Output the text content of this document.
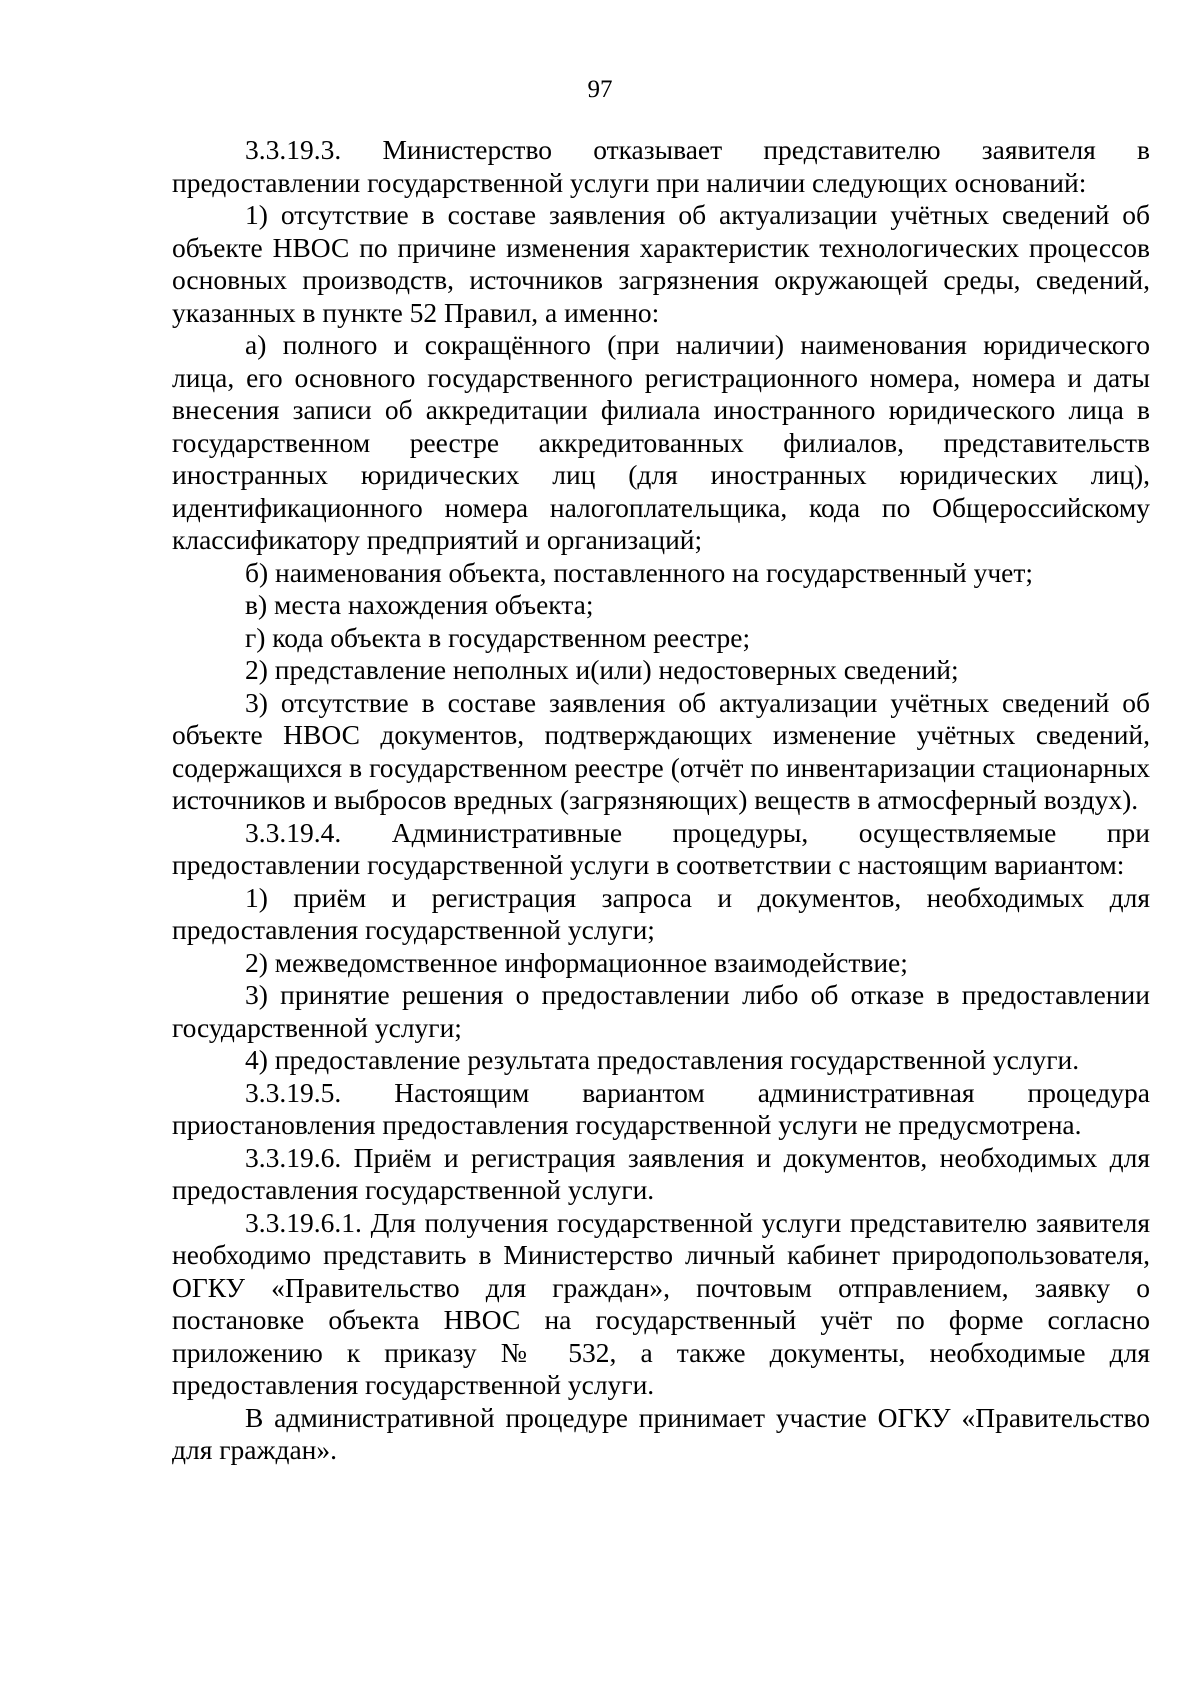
97

3.3.19.3. Министерство отказывает представителю заявителя в предоставлении государственной услуги при наличии следующих оснований:

1) отсутствие в составе заявления об актуализации учётных сведений об объекте НВОС по причине изменения характеристик технологических процессов основных производств, источников загрязнения окружающей среды, сведений, указанных в пункте 52 Правил, а именно:

а) полного и сокращённого (при наличии) наименования юридического лица, его основного государственного регистрационного номера, номера и даты внесения записи об аккредитации филиала иностранного юридического лица в государственном реестре аккредитованных филиалов, представительств иностранных юридических лиц (для иностранных юридических лиц), идентификационного номера налогоплательщика, кода по Общероссийскому классификатору предприятий и организаций;

б) наименования объекта, поставленного на государственный учет;

в) места нахождения объекта;

г) кода объекта в государственном реестре;

2) представление неполных и(или) недостоверных сведений;

3) отсутствие в составе заявления об актуализации учётных сведений об объекте НВОС документов, подтверждающих изменение учётных сведений, содержащихся в государственном реестре (отчёт по инвентаризации стационарных источников и выбросов вредных (загрязняющих) веществ в атмосферный воздух).

3.3.19.4. Административные процедуры, осуществляемые при предоставлении государственной услуги в соответствии с настоящим вариантом:

1) приём и регистрация запроса и документов, необходимых для предоставления государственной услуги;

2) межведомственное информационное взаимодействие;

3) принятие решения о предоставлении либо об отказе в предоставлении государственной услуги;

4) предоставление результата предоставления государственной услуги.

3.3.19.5. Настоящим вариантом административная процедура приостановления предоставления государственной услуги не предусмотрена.

3.3.19.6. Приём и регистрация заявления и документов, необходимых для предоставления государственной услуги.

3.3.19.6.1. Для получения государственной услуги представителю заявителя необходимо представить в Министерство личный кабинет природопользователя, ОГКУ «Правительство для граждан», почтовым отправлением, заявку о постановке объекта НВОС на государственный учёт по форме согласно приложению к приказу № 532, а также документы, необходимые для предоставления государственной услуги.

В административной процедуре принимает участие ОГКУ «Правительство для граждан».
